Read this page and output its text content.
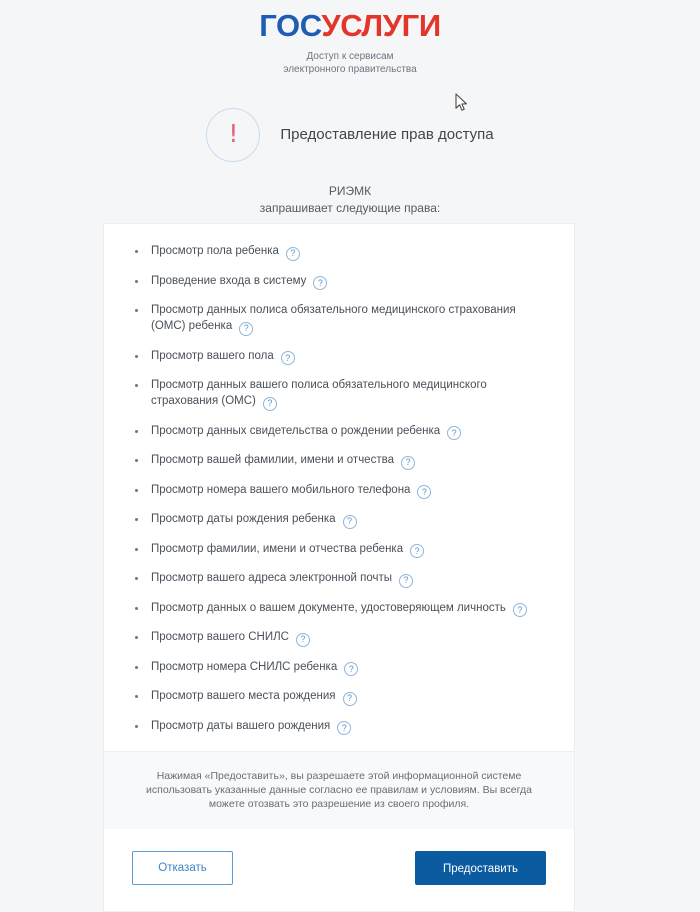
ГОСУСЛУГИ
Доступ к сервисам
электронного правительства
!	Предоставление прав доступа
РИЭМК
запрашивает следующие права:
Просмотр пола ребенка ?
Проведение входа в систему ?
Просмотр данных полиса обязательного медицинского страхования (ОМС) ребенка ?
Просмотр вашего пола ?
Просмотр данных вашего полиса обязательного медицинского страхования (ОМС) ?
Просмотр данных свидетельства о рождении ребенка ?
Просмотр вашей фамилии, имени и отчества ?
Просмотр номера вашего мобильного телефона ?
Просмотр даты рождения ребенка ?
Просмотр фамилии, имени и отчества ребенка ?
Просмотр вашего адреса электронной почты ?
Просмотр данных о вашем документе, удостоверяющем личность ?
Просмотр вашего СНИЛС ?
Просмотр номера СНИЛС ребенка ?
Просмотр вашего места рождения ?
Просмотр даты вашего рождения ?
Нажимая «Предоставить», вы разрешаете этой информационной системе использовать указанные данные согласно ее правилам и условиям. Вы всегда можете отозвать это разрешение из своего профиля.
Отказать	Предоставить
